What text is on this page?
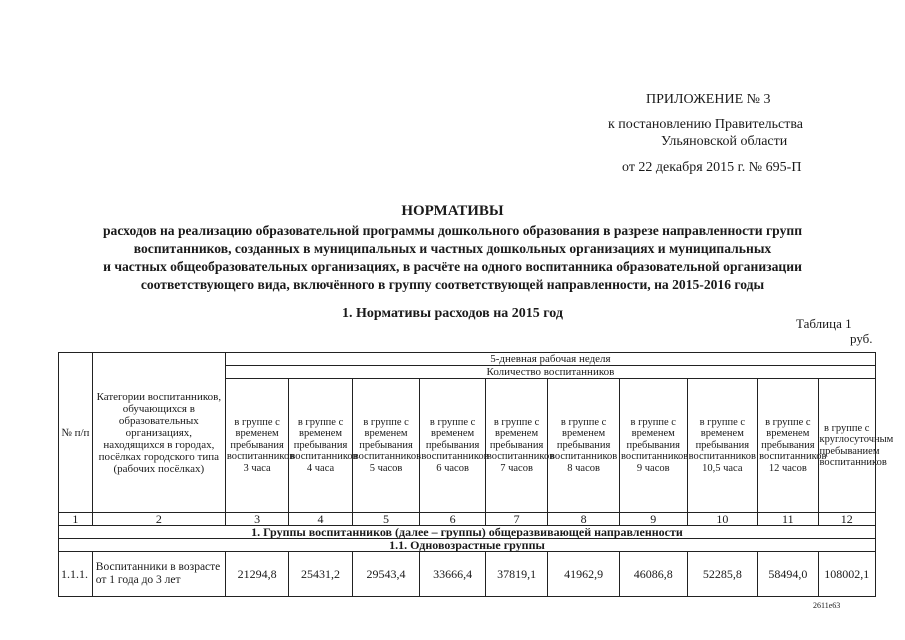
ПРИЛОЖЕНИЕ № 3
к постановлению Правительства
Ульяновской области
от 22 декабря 2015 г. № 695-П
НОРМАТИВЫ
расходов на реализацию образовательной программы дошкольного образования в разрезе направленности групп
воспитанников, созданных в муниципальных и частных дошкольных организациях и муниципальных
и частных общеобразовательных организациях, в расчёте на одного воспитанника образовательной организации
соответствующего вида, включённого в группу соответствующей направленности, на 2015-2016 годы
1. Нормативы расходов на 2015 год
Таблица 1
руб.
№ п/п	Категории воспитанников, обучающихся в образовательных организациях, находящихся в городах, посёлках городского типа (рабочих посёлках)	5-дневная рабочая неделя									
		Количество воспитанников									
		в группе с временем пребывания воспитанников 3 часа	в группе с временем пребывания воспитанников 4 часа	в группе с временем пребывания воспитанников 5 часов	в группе с временем пребывания воспитанников 6 часов	в группе с временем пребывания воспитанников 7 часов	в группе с временем пребывания воспитанников 8 часов	в группе с временем пребывания воспитанников 9 часов	в группе с временем пребывания воспитанников 10,5 часа	в группе с временем пребывания воспитанников 12 часов	в группе с круглосуточным пребыванием воспитанников
1	2	3	4	5	6	7	8	9	10	11	12
1. Группы воспитанников (далее – группы) общеразвивающей направленности											
1.1. Одновозрастные группы											
1.1.1.	Воспитанники в возрасте от 1 года до 3 лет	21294,8	25431,2	29543,4	33666,4	37819,1	41962,9	46086,8	52285,8	58494,0	108002,1
2611е63
